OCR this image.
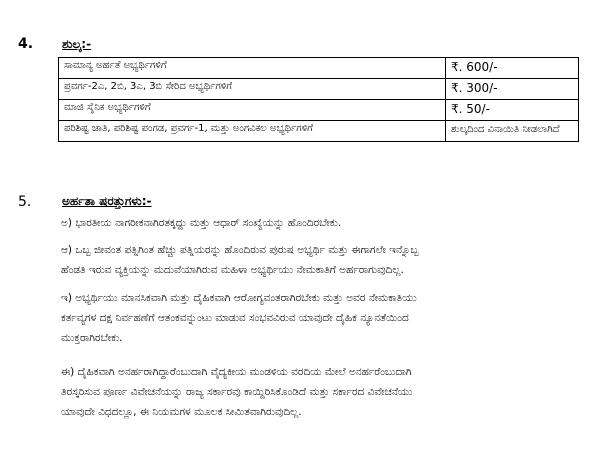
4. ಶುಲ್ಕ:-
ಸಾಮಾನ್ಯ ಅರ್ಹತೆ ಅಭ್ಯರ್ಥಿಗಳಿಗೆ	₹. 600/-
ಪ್ರವರ್ಗ-2ಎ, 2ಬಿ, 3ಎ, 3ಬಿ ಸೇರಿದ ಅಭ್ಯರ್ಥಿಗಳಿಗೆ	₹. 300/-
ಮಾಜಿ ಸೈನಿಕ ಅಭ್ಯರ್ಥಿಗಳಿಗೆ	₹. 50/-
ಪರಿಶಿಷ್ಟ ಜಾತಿ, ಪರಿಶಿಷ್ಟ ಪಂಗಡ, ಪ್ರವರ್ಗ-1, ಮತ್ತು ಅಂಗವಿಕಲ ಅಭ್ಯರ್ಥಿಗಳಿಗೆ	ಶುಲ್ಕದಿಂದ ವಿನಾಯಿತಿ ನೀಡಲಾಗಿದೆ
5.	ಅರ್ಹತಾ ಷರತ್ತುಗಳು:-
ಅ) ಭಾರತೀಯ ನಾಗರೀಕನಾಗಿರತಕ್ಕದ್ದು ಮತ್ತು ಆಧಾರ್ ಸಂಖ್ಯೆಯನ್ನು ಹೊಂದಿರಬೇಕು.
ಆ) ಒಬ್ಬ ಜೀವಂತ ಪತ್ನಿಗಿಂತ ಹೆಚ್ಚು ಪತ್ನಿಯರನ್ನು ಹೊಂದಿರುವ ಪುರುಷ ಅಭ್ಯರ್ಥಿ ಮತ್ತು ಈಗಾಗಲೇ ಇನ್ನೊಬ್ಬ
ಹೆಂಡತಿ ಇರುವ ವ್ಯಕ್ತಿಯನ್ನು ಮದುವೆಯಾಗಿರುವ ಮಹಿಳಾ ಅಭ್ಯರ್ಥಿಯು ನೇಮಕಾತಿಗೆ ಅರ್ಹರಾಗುವುದಿಲ್ಲ.
ಇ) ಅಭ್ಯರ್ಥಿಯು ಮಾನಸಿಕವಾಗಿ ಮತ್ತು ದೈಹಿಕವಾಗಿ ಆರೋಗ್ಯವಂತರಾಗಿರಬೇಕು ಮತ್ತು ಅವರ ನೇಮಕಾತಿಯು
ಕರ್ತವ್ಯಗಳ ದಕ್ಷ ನಿರ್ವಹಣೆಗೆ ಆತಂಕವನ್ನುಂಟು ಮಾಡುವ ಸಂಭವವಿರುವ ಯಾವುದೇ ದೈಹಿಕ ನ್ಯೂನತೆಯಿಂದ
ಮುಕ್ತರಾಗಿರಬೇಕು.
ಈ) ದೈಹಿಕವಾಗಿ ಅನರ್ಹರಾಗಿದ್ದಾರೆಂಬುದಾಗಿ ವೈದ್ಯಕೀಯ ಮಂಡಳಿಯ ವರದಿಯ ಮೇಲೆ ಅನರ್ಹರೆಂಬುದಾಗಿ
ತಿರಸ್ಕರಿಸುವ ಪೂರ್ಣ ವಿವೇಚನೆಯನ್ನು ರಾಜ್ಯ ಸರ್ಕಾರವು ಕಾಯ್ದಿರಿಸಿಕೊಂಡಿದೆ ಮತ್ತು ಸರ್ಕಾರದ ವಿವೇಚನೆಯು
ಯಾವುದೇ ವಿಧದಲ್ಲೂ, ಈ ನಿಯಮಗಳ ಮೂಲಕ ಸೀಮಿತವಾಗಿರುವುದಿಲ್ಲ.
